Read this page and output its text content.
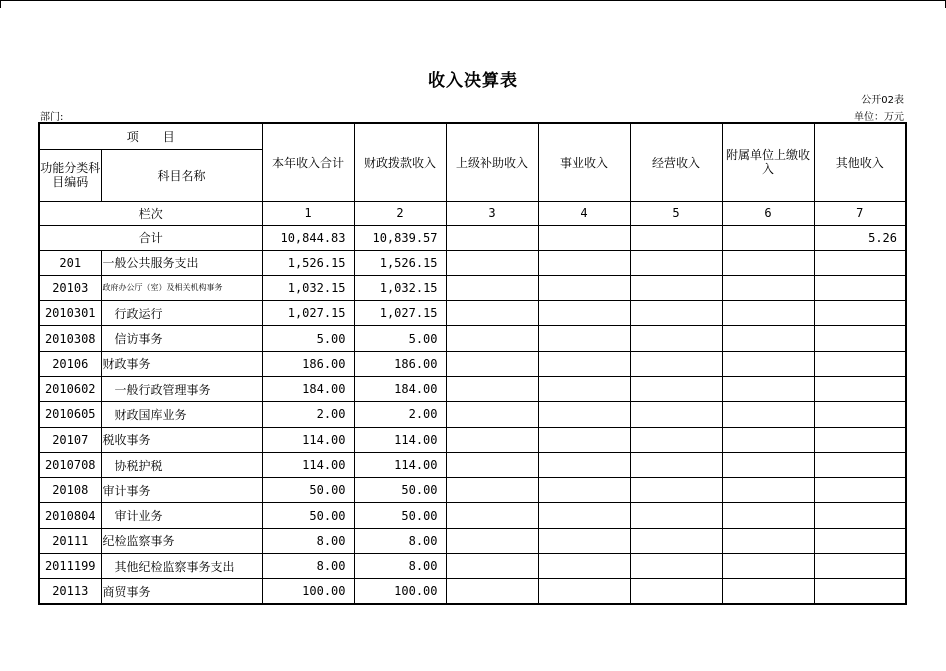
收入决算表
公开02表
部门:	单位：万元
项　　目		本年收入合计	财政拨款收入	上级补助收入	事业收入	经营收入	附属单位上缴收入	其他收入
功能分类科目编码	科目名称							
栏次		1	2	3	4	5	6	7
合计		10,844.83	10,839.57					5.26
201	一般公共服务支出	1,526.15	1,526.15					
20103	政府办公厅（室）及相关机构事务	1,032.15	1,032.15					
2010301	行政运行	1,027.15	1,027.15					
2010308	信访事务	5.00	5.00					
20106	财政事务	186.00	186.00					
2010602	一般行政管理事务	184.00	184.00					
2010605	财政国库业务	2.00	2.00					
20107	税收事务	114.00	114.00					
2010708	协税护税	114.00	114.00					
20108	审计事务	50.00	50.00					
2010804	审计业务	50.00	50.00					
20111	纪检监察事务	8.00	8.00					
2011199	其他纪检监察事务支出	8.00	8.00					
20113	商贸事务	100.00	100.00					
